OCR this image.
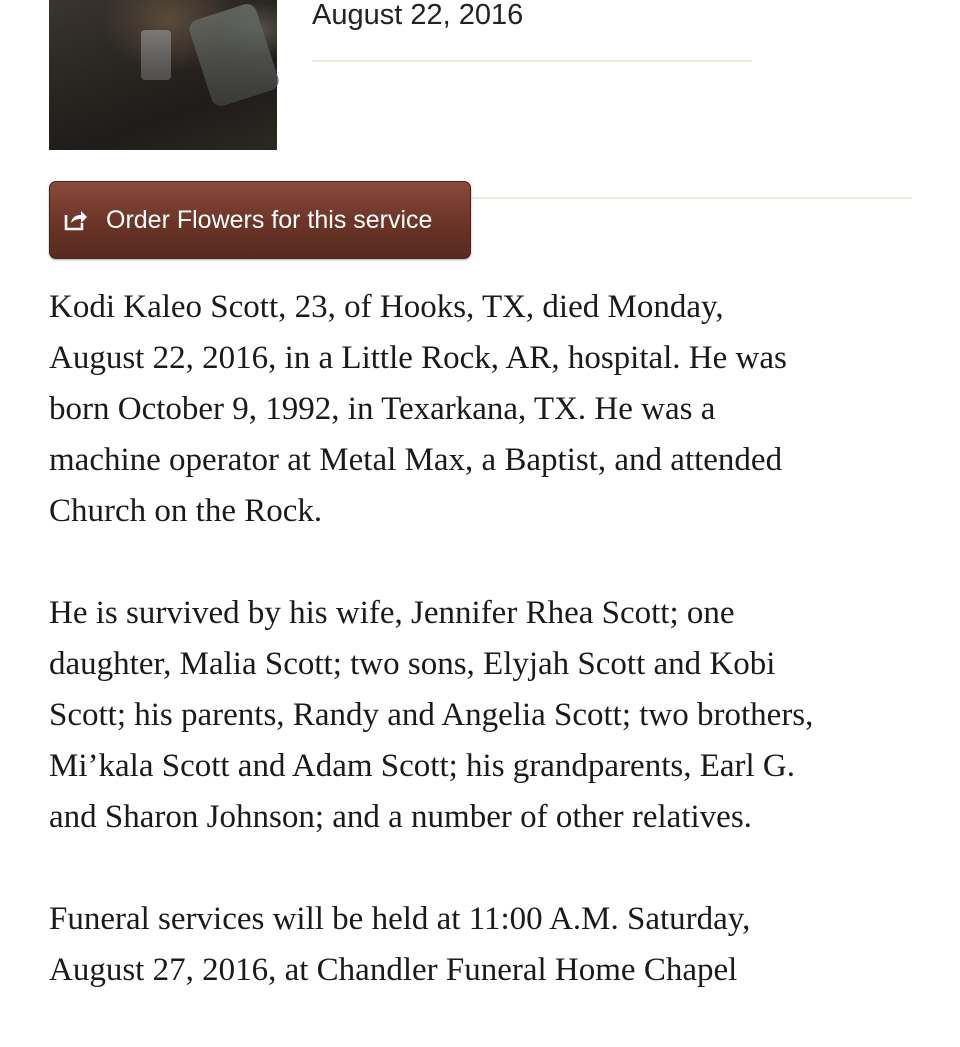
August 22, 2016
Order Flowers for this service

Kodi Kaleo Scott, 23, of Hooks, TX, died Monday,
August 22, 2016, in a Little Rock, AR, hospital. He was
born October 9, 1992, in Texarkana, TX. He was a
machine operator at Metal Max, a Baptist, and attended
Church on the Rock.

He is survived by his wife, Jennifer Rhea Scott; one
daughter, Malia Scott; two sons, Elyjah Scott and Kobi
Scott; his parents, Randy and Angelia Scott; two brothers,
Mi’kala Scott and Adam Scott; his grandparents, Earl G.
and Sharon Johnson; and a number of other relatives.

Funeral services will be held at 11:00 A.M. Saturday,
August 27, 2016, at Chandler Funeral Home Chapel
